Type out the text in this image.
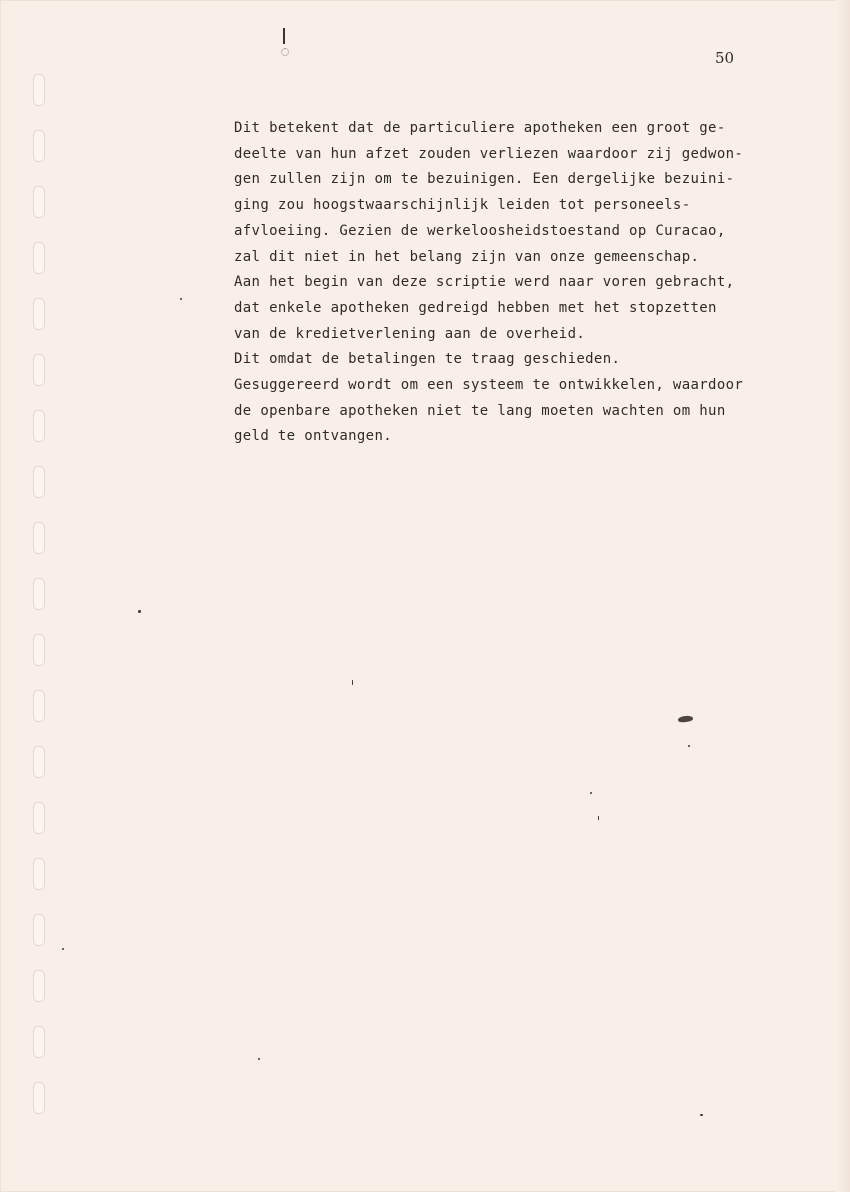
50

Dit betekent dat de particuliere apotheken een groot ge-
deelte van hun afzet zouden verliezen waardoor zij gedwon-
gen zullen zijn om te bezuinigen. Een dergelijke bezuini-
ging zou hoogstwaarschijnlijk leiden tot personeels-
afvloeiing. Gezien de werkeloosheidstoestand op Curacao,
zal dit niet in het belang zijn van onze gemeenschap.
Aan het begin van deze scriptie werd naar voren gebracht,
dat enkele apotheken gedreigd hebben met het stopzetten
van de kredietverlening aan de overheid.
Dit omdat de betalingen te traag geschieden.
Gesuggereerd wordt om een systeem te ontwikkelen, waardoor
de openbare apotheken niet te lang moeten wachten om hun
geld te ontvangen.
